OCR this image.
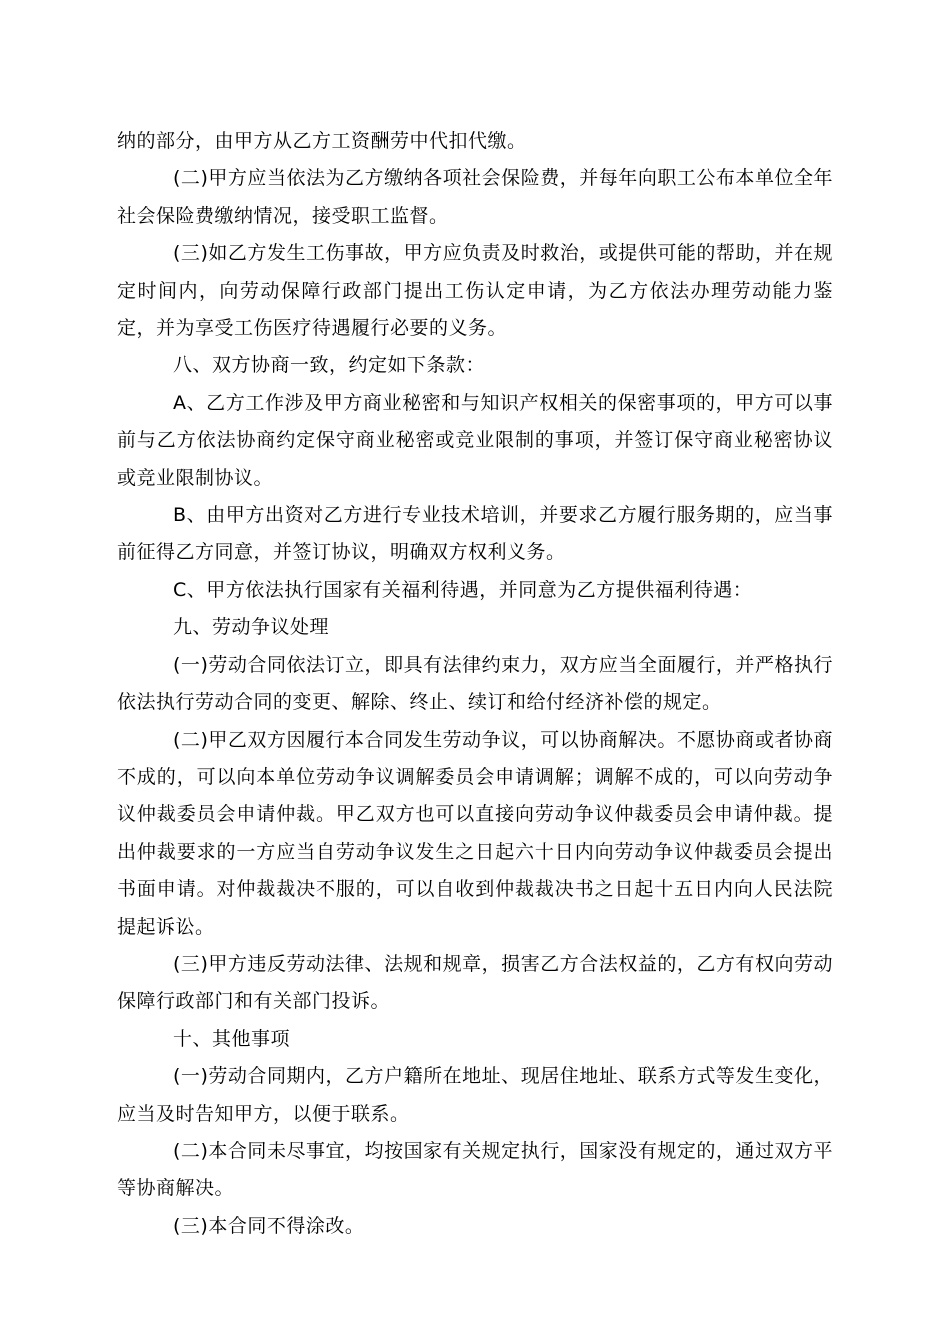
纳的部分，由甲方从乙方工资酬劳中代扣代缴。

(二)甲方应当依法为乙方缴纳各项社会保险费，并每年向职工公布本单位全年社会保险费缴纳情况，接受职工监督。

(三)如乙方发生工伤事故，甲方应负责及时救治，或提供可能的帮助，并在规定时间内，向劳动保障行政部门提出工伤认定申请，为乙方依法办理劳动能力鉴定，并为享受工伤医疗待遇履行必要的义务。

八、双方协商一致，约定如下条款：

A、乙方工作涉及甲方商业秘密和与知识产权相关的保密事项的，甲方可以事前与乙方依法协商约定保守商业秘密或竞业限制的事项，并签订保守商业秘密协议或竞业限制协议。

B、由甲方出资对乙方进行专业技术培训，并要求乙方履行服务期的，应当事前征得乙方同意，并签订协议，明确双方权利义务。

C、甲方依法执行国家有关福利待遇，并同意为乙方提供福利待遇：

九、劳动争议处理

(一)劳动合同依法订立，即具有法律约束力，双方应当全面履行，并严格执行依法执行劳动合同的变更、解除、终止、续订和给付经济补偿的规定。

(二)甲乙双方因履行本合同发生劳动争议，可以协商解决。不愿协商或者协商不成的，可以向本单位劳动争议调解委员会申请调解；调解不成的，可以向劳动争议仲裁委员会申请仲裁。甲乙双方也可以直接向劳动争议仲裁委员会申请仲裁。提出仲裁要求的一方应当自劳动争议发生之日起六十日内向劳动争议仲裁委员会提出书面申请。对仲裁裁决不服的，可以自收到仲裁裁决书之日起十五日内向人民法院提起诉讼。

(三)甲方违反劳动法律、法规和规章，损害乙方合法权益的，乙方有权向劳动保障行政部门和有关部门投诉。

十、其他事项

(一)劳动合同期内，乙方户籍所在地址、现居住地址、联系方式等发生变化，应当及时告知甲方，以便于联系。

(二)本合同未尽事宜，均按国家有关规定执行，国家没有规定的，通过双方平等协商解决。

(三)本合同不得涂改。
